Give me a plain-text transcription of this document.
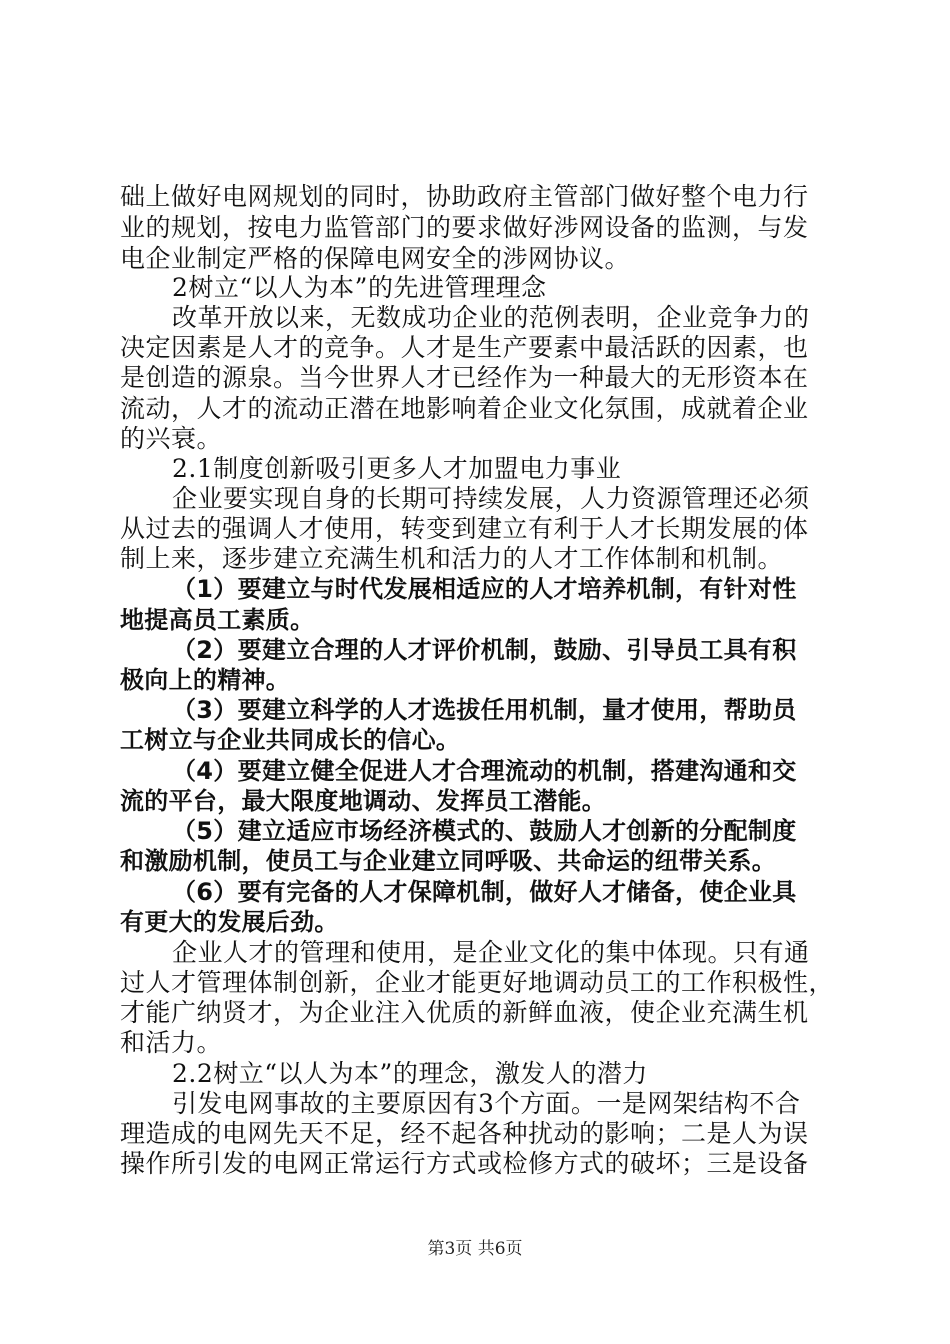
础上做好电网规划的同时，协助政府主管部门做好整个电力行
业的规划，按电力监管部门的要求做好涉网设备的监测，与发
电企业制定严格的保障电网安全的涉网协议。
2树立“以人为本”的先进管理理念
改革开放以来，无数成功企业的范例表明，企业竞争力的
决定因素是人才的竞争。人才是生产要素中最活跃的因素，也
是创造的源泉。当今世界人才已经作为一种最大的无形资本在
流动，人才的流动正潜在地影响着企业文化氛围，成就着企业
的兴衰。
2.1制度创新吸引更多人才加盟电力事业
企业要实现自身的长期可持续发展，人力资源管理还必须
从过去的强调人才使用，转变到建立有利于人才长期发展的体
制上来，逐步建立充满生机和活力的人才工作体制和机制。
（1）要建立与时代发展相适应的人才培养机制，有针对性
地提高员工素质。
（2）要建立合理的人才评价机制，鼓励、引导员工具有积
极向上的精神。
（3）要建立科学的人才选拔任用机制，量才使用，帮助员
工树立与企业共同成长的信心。
（4）要建立健全促进人才合理流动的机制，搭建沟通和交
流的平台，最大限度地调动、发挥员工潜能。
（5）建立适应市场经济模式的、鼓励人才创新的分配制度
和激励机制，使员工与企业建立同呼吸、共命运的纽带关系。
（6）要有完备的人才保障机制，做好人才储备，使企业具
有更大的发展后劲。
企业人才的管理和使用，是企业文化的集中体现。只有通
过人才管理体制创新，企业才能更好地调动员工的工作积极性，
才能广纳贤才，为企业注入优质的新鲜血液，使企业充满生机
和活力。
2.2树立“以人为本”的理念，激发人的潜力
引发电网事故的主要原因有3个方面。一是网架结构不合
理造成的电网先天不足，经不起各种扰动的影响；二是人为误
操作所引发的电网正常运行方式或检修方式的破坏；三是设备
第3页 共6页
